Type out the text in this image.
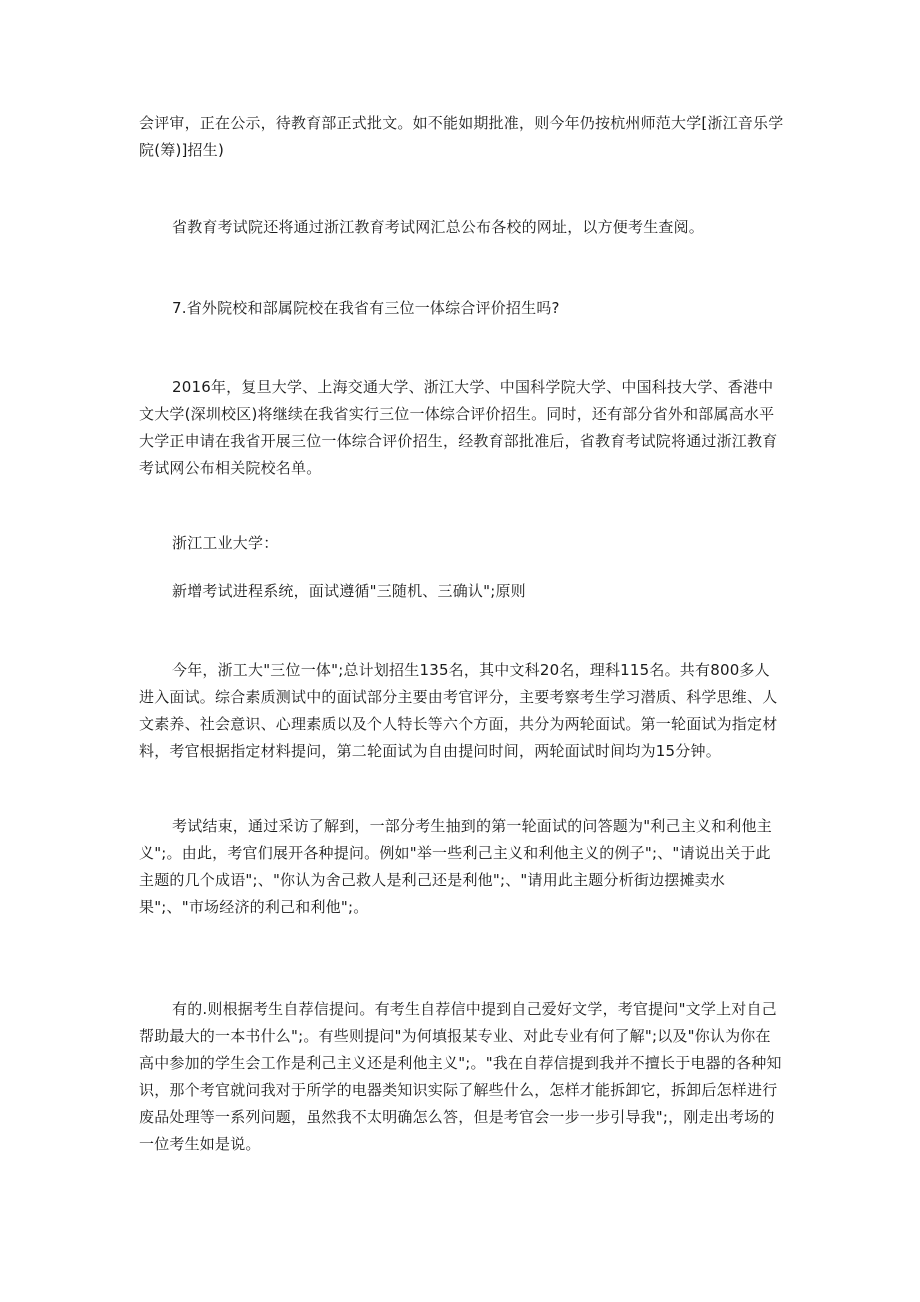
会评审，正在公示，待教育部正式批文。如不能如期批准，则今年仍按杭州师范大学[浙江音乐学院(筹)]招生)

省教育考试院还将通过浙江教育考试网汇总公布各校的网址，以方便考生查阅。

7.省外院校和部属院校在我省有三位一体综合评价招生吗?

2016年，复旦大学、上海交通大学、浙江大学、中国科学院大学、中国科技大学、香港中文大学(深圳校区)将继续在我省实行三位一体综合评价招生。同时，还有部分省外和部属高水平大学正申请在我省开展三位一体综合评价招生，经教育部批准后，省教育考试院将通过浙江教育考试网公布相关院校名单。

浙江工业大学：

新增考试进程系统，面试遵循"三随机、三确认";原则

今年，浙工大"三位一体";总计划招生135名，其中文科20名，理科115名。共有800多人进入面试。综合素质测试中的面试部分主要由考官评分，主要考察考生学习潜质、科学思维、人文素养、社会意识、心理素质以及个人特长等六个方面，共分为两轮面试。第一轮面试为指定材料，考官根据指定材料提问，第二轮面试为自由提问时间，两轮面试时间均为15分钟。

考试结束，通过采访了解到，一部分考生抽到的第一轮面试的问答题为"利己主义和利他主义";。由此，考官们展开各种提问。例如"举一些利己主义和利他主义的例子";、"请说出关于此主题的几个成语";、"你认为舍己救人是利己还是利他";、"请用此主题分析街边摆摊卖水果";、"市场经济的利己和利他";。

有的.则根据考生自荐信提问。有考生自荐信中提到自己爱好文学，考官提问"文学上对自己帮助最大的一本书什么";。有些则提问"为何填报某专业、对此专业有何了解";以及"你认为你在高中参加的学生会工作是利己主义还是利他主义";。"我在自荐信提到我并不擅长于电器的各种知识，那个考官就问我对于所学的电器类知识实际了解些什么，怎样才能拆卸它，拆卸后怎样进行废品处理等一系列问题，虽然我不太明确怎么答，但是考官会一步一步引导我";，刚走出考场的一位考生如是说。
